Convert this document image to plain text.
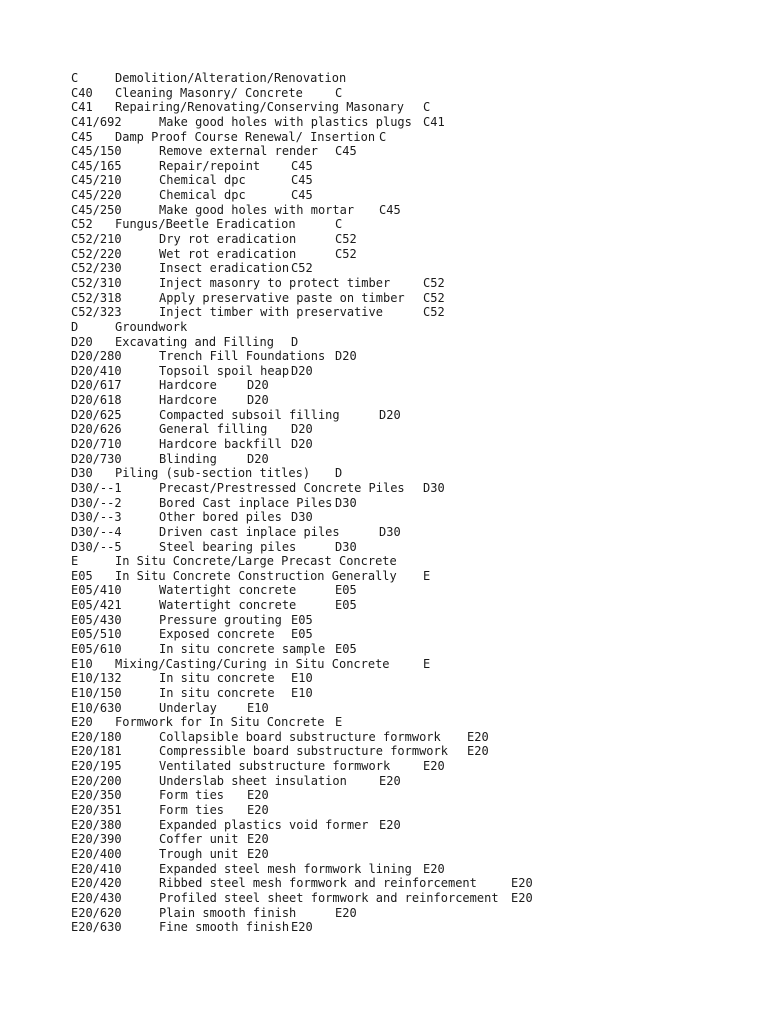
C	Demolition/Alteration/Renovation
C40 Cleaning Masonry/ Concrete	C
C41 Repairing/Renovating/Conserving Masonary C
C41/692	Make good holes with plastics plugs C41
C45 Damp Proof Course Renewal/ Insertion C
C45/150	Remove external render C45
C45/165	Repair/repoint	C45
C45/210	Chemical dpc	C45
C45/220	Chemical dpc	C45
C45/250	Make good holes with mortar C45
C52 Fungus/Beetle Eradication	C
C52/210	Dry rot eradication	C52
C52/220	Wet rot eradication	C52
C52/230	Insect eradication C52
C52/310	Inject masonry to protect timber	C52
C52/318	Apply preservative paste on timber C52
C52/323	Inject timber with preservative	C52
D	Groundwork
D20 Excavating and Filling D
D20/280	Trench Fill Foundations D20
D20/410	Topsoil spoil heap D20
D20/617	Hardcore	D20
D20/618	Hardcore	D20
D20/625	Compacted subsoil filling	D20
D20/626	General filling D20
D20/710	Hardcore backfill D20
D20/730	Blinding	D20
D30 Piling (sub-section titles) D
D30/--1	Precast/Prestressed Concrete Piles D30
D30/--2	Bored Cast inplace Piles D30
D30/--3	Other bored piles D30
D30/--4	Driven cast inplace piles	D30
D30/--5	Steel bearing piles	D30
E	In Situ Concrete/Large Precast Concrete
E05 In Situ Concrete Construction Generally E
E05/410	Watertight concrete	E05
E05/421	Watertight concrete	E05
E05/430	Pressure grouting E05
E05/510	Exposed concrete E05
E05/610	In situ concrete sample E05
E10 Mixing/Casting/Curing in Situ Concrete	E
E10/132	In situ concrete E10
E10/150	In situ concrete E10
E10/630	Underlay	E10
E20 Formwork for In Situ Concrete E
E20/180	Collapsible board substructure formwork E20
E20/181	Compressible board substructure formwork E20
E20/195	Ventilated substructure formwork	E20
E20/200	Underslab sheet insulation	E20
E20/350	Form ties E20
E20/351	Form ties E20
E20/380	Expanded plastics void former E20
E20/390	Coffer unit E20
E20/400	Trough unit E20
E20/410	Expanded steel mesh formwork lining E20
E20/420	Ribbed steel mesh formwork and reinforcement	E20
E20/430	Profiled steel sheet formwork and reinforcement E20
E20/620	Plain smooth finish	E20
E20/630	Fine smooth finish E20
